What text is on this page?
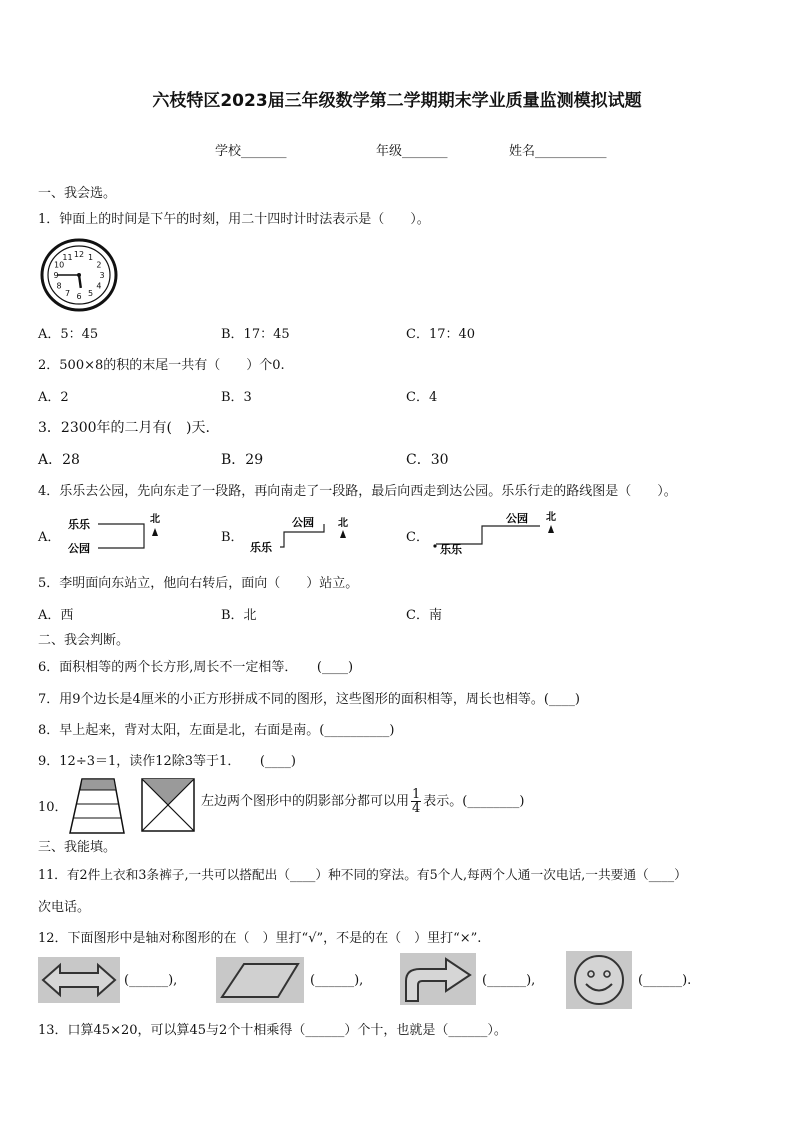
六枝特区2023届三年级数学第二学期期末学业质量监测模拟试题
学校_______	年级_______	姓名___________
一、我会选。
1．钟面上的时间是下午的时刻，用二十四时计时法表示是（　　）。
12 1
2
3
4
5
6
7
8
9
10
11
A．5：45	B．17：45	C．17：40
2．500×8的积的末尾一共有（　　）个0.
A．2	B．3	C．4
3．2300年的二月有(　)天.
A．28	B．29	C．30
4．乐乐去公园，先向东走了一段路，再向南走了一段路，最后向西走到达公园。乐乐行走的路线图是（　　）。
A．	B．	C．
乐乐
公园
北
乐乐
公园 北
乐乐
公园 北
5．李明面向东站立，他向右转后，面向（　　）站立。
A．西	B．北	C．南
二、我会判断。
6．面积相等的两个长方形,周长不一定相等．　　(____)
7．用9个边长是4厘米的小正方形拼成不同的图形，这些图形的面积相等，周长也相等。(____)
8．早上起来，背对太阳，左面是北，右面是南。(__________)
9．12÷3＝1，读作12除3等于1．　　(____)
10．	左边两个图形中的阴影部分都可以用 $\frac{1}{4}$ 表示。(________)
三、我能填。
11．有2件上衣和3条裤子,一共可以搭配出（____）种不同的穿法。有5个人,每两个人通一次电话,一共要通（____）
次电话。
12．下面图形中是轴对称图形的在（　）里打“√”，不是的在（　）里打“×”.
(______),	(______),	(______),	(______).
13．口算45×20，可以算45与2个十相乘得（______）个十，也就是（______）。
